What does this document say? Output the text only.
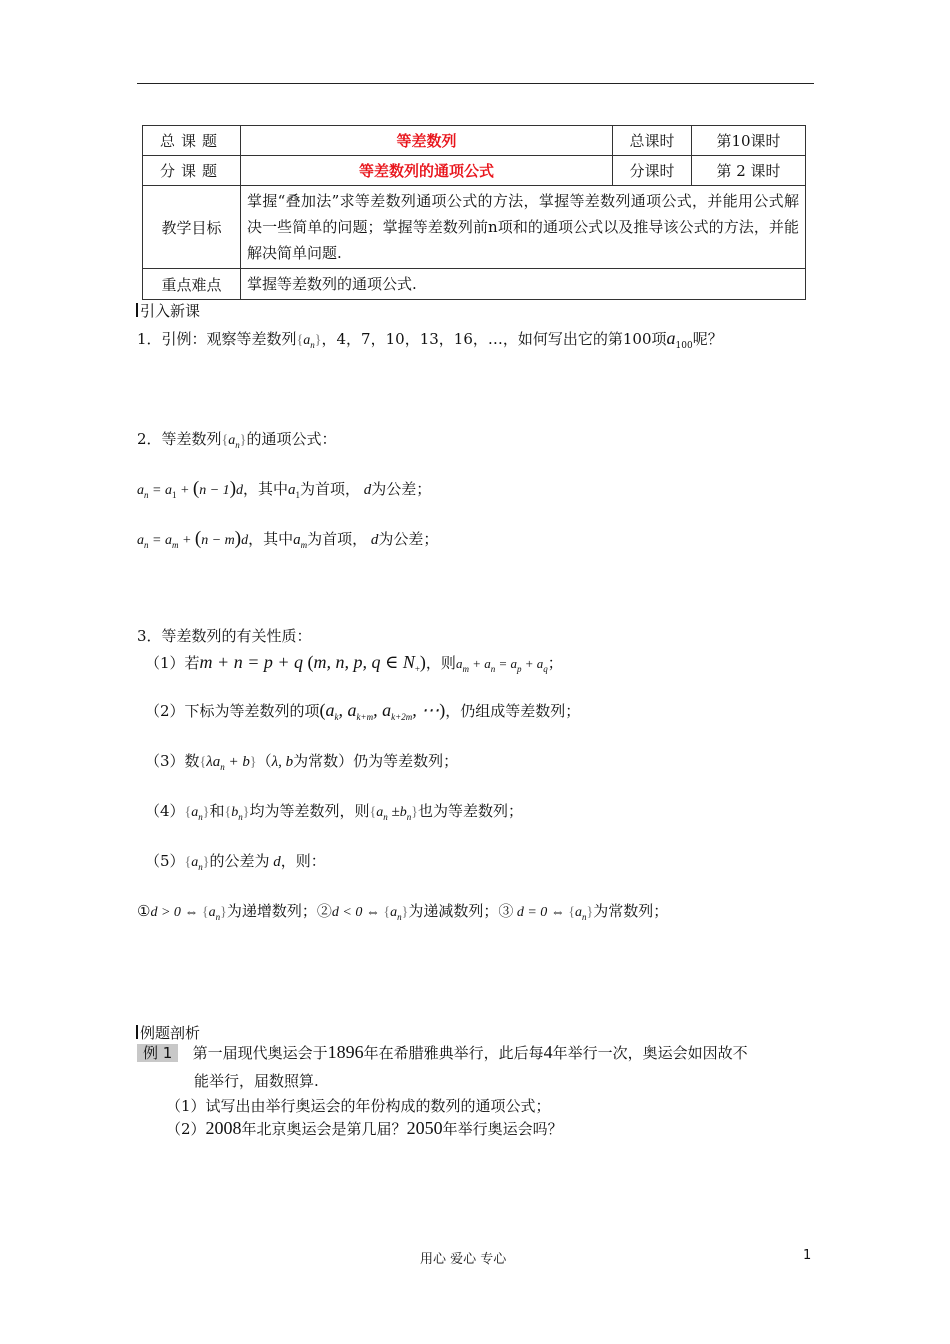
总课题	等差数列	总课时	第10课时
分课题	等差数列的通项公式	分课时	第 2 课时
教学目标	掌握“叠加法”求等差数列通项公式的方法，掌握等差数列通项公式，并能用公式解决一些简单的问题；掌握等差数列前n项和的通项公式以及推导该公式的方法，并能解决简单问题.		
重点难点	掌握等差数列的通项公式.		
引入新课
1．引例：观察等差数列$\{a_n\}$，4，7，10，13，16，…，如何写出它的第100项$a_{100}$呢？
2．等差数列$\{a_n\}$的通项公式：
$a_n = a_1 + (n - 1)d$，其中$a_1$为首项， d为公差；
$a_n = a_m + (n - m)d$，其中$a_m$为首项， d为公差；
3．等差数列的有关性质：
（1）若m + n = p + q (m, n, p, q ∈ $N_+$)，则$a_m + a_n = a_p + a_q$；
（2）下标为等差数列的项($a_k$, $a_{k+m}$, $a_{k+2m}$, ⋯)，仍组成等差数列；
（3）数$\{\lambda a_n + b\}(\lambda$, b为常数）仍为等差数列；
$(4)\{a_n\}$和$\{b_n\}$均为等差数列，则$\{a_n \pm b_n\}$也为等差数列；
$(5)\{a_n\}$的公差为 d，则：
①d > 0 ⇔ $\{a_n\}$为递增数列；②d < 0 ⇔ $\{a_n\}$为递减数列；③ d = 0 ⇔ $\{a_n\}$为常数列；
例题剖析
例 1 第一届现代奥运会于1896年在希腊雅典举行，此后每4年举行一次，奥运会如因故不
能举行，届数照算.
（1）试写出由举行奥运会的年份构成的数列的通项公式；
（2）2008年北京奥运会是第几届？2050年举行奥运会吗？
用心 爱心 专心	1
